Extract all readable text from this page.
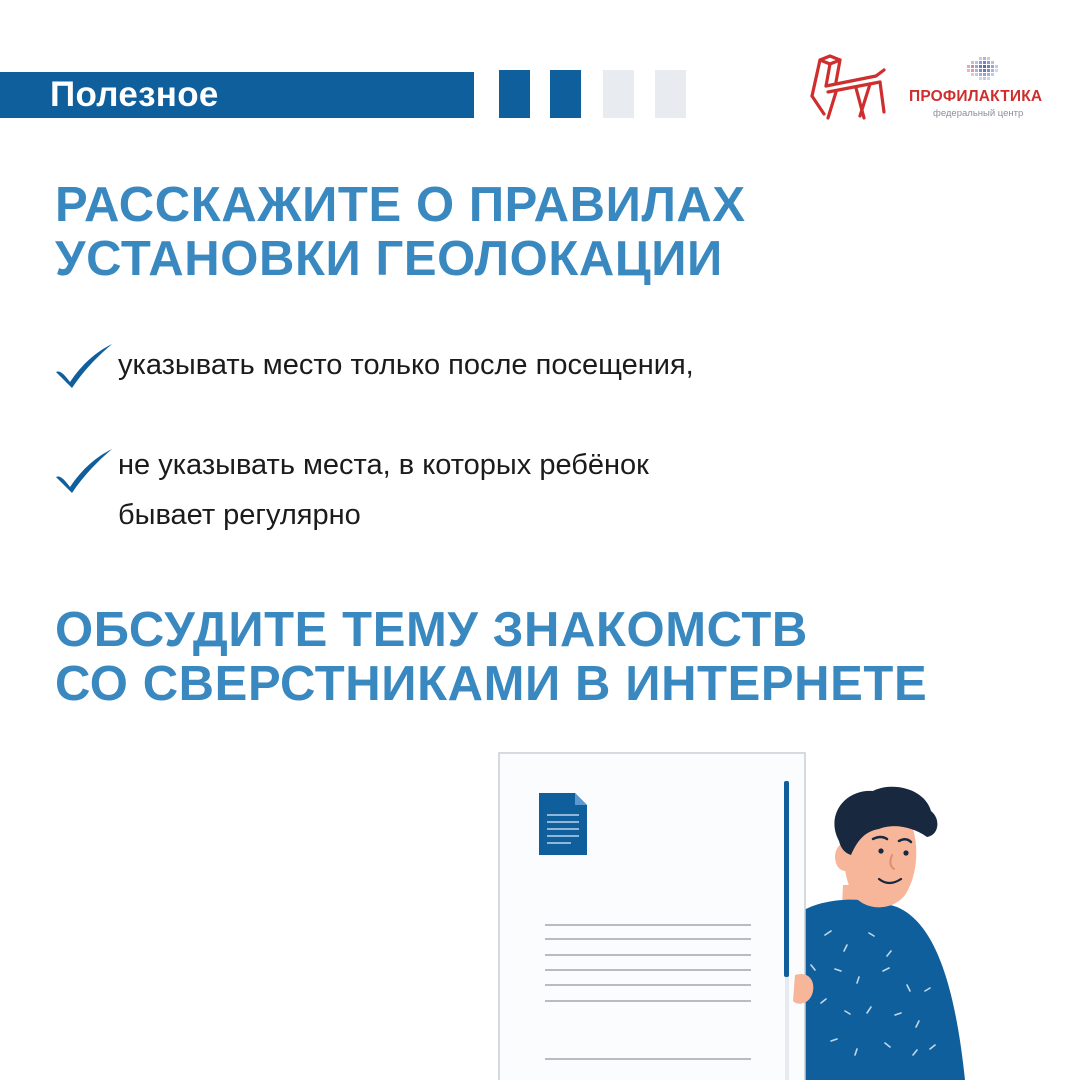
Полезное	ПРОФИЛАКТИКА
федеральный центр
РАССКАЖИТЕ О ПРАВИЛАХ
УСТАНОВКИ ГЕОЛОКАЦИИ
указывать место только после посещения,
не указывать места, в которых ребёнок
бывает регулярно
ОБСУДИТЕ ТЕМУ ЗНАКОМСТВ
СО СВЕРСТНИКАМИ В ИНТЕРНЕТЕ
